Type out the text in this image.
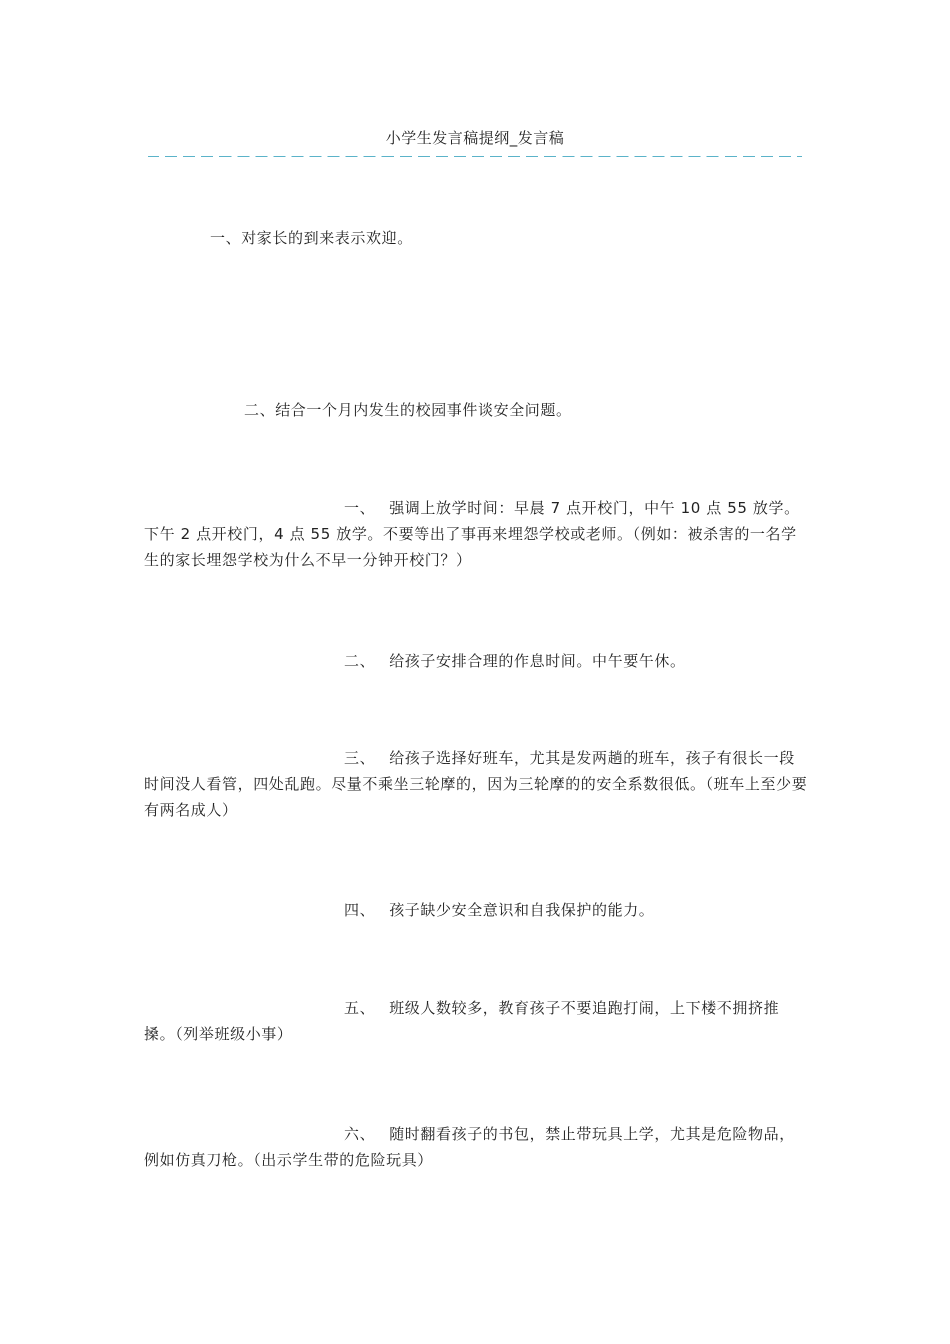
小学生发言稿提纲_发言稿

一、对家长的到来表示欢迎。

二、结合一个月内发生的校园事件谈安全问题。

一、 强调上放学时间：早晨 7 点开校门，中午 10 点 55 放学。下午 2 点开校门，4 点 55 放学。不要等出了事再来埋怨学校或老师。（例如：被杀害的一名学生的家长埋怨学校为什么不早一分钟开校门？）

二、 给孩子安排合理的作息时间。中午要午休。

三、 给孩子选择好班车，尤其是发两趟的班车，孩子有很长一段时间没人看管，四处乱跑。尽量不乘坐三轮摩的，因为三轮摩的的安全系数很低。（班车上至少要有两名成人）

四、 孩子缺少安全意识和自我保护的能力。

五、 班级人数较多，教育孩子不要追跑打闹，上下楼不拥挤推搡。（列举班级小事）

六、 随时翻看孩子的书包，禁止带玩具上学，尤其是危险物品，例如仿真刀枪。（出示学生带的危险玩具）
